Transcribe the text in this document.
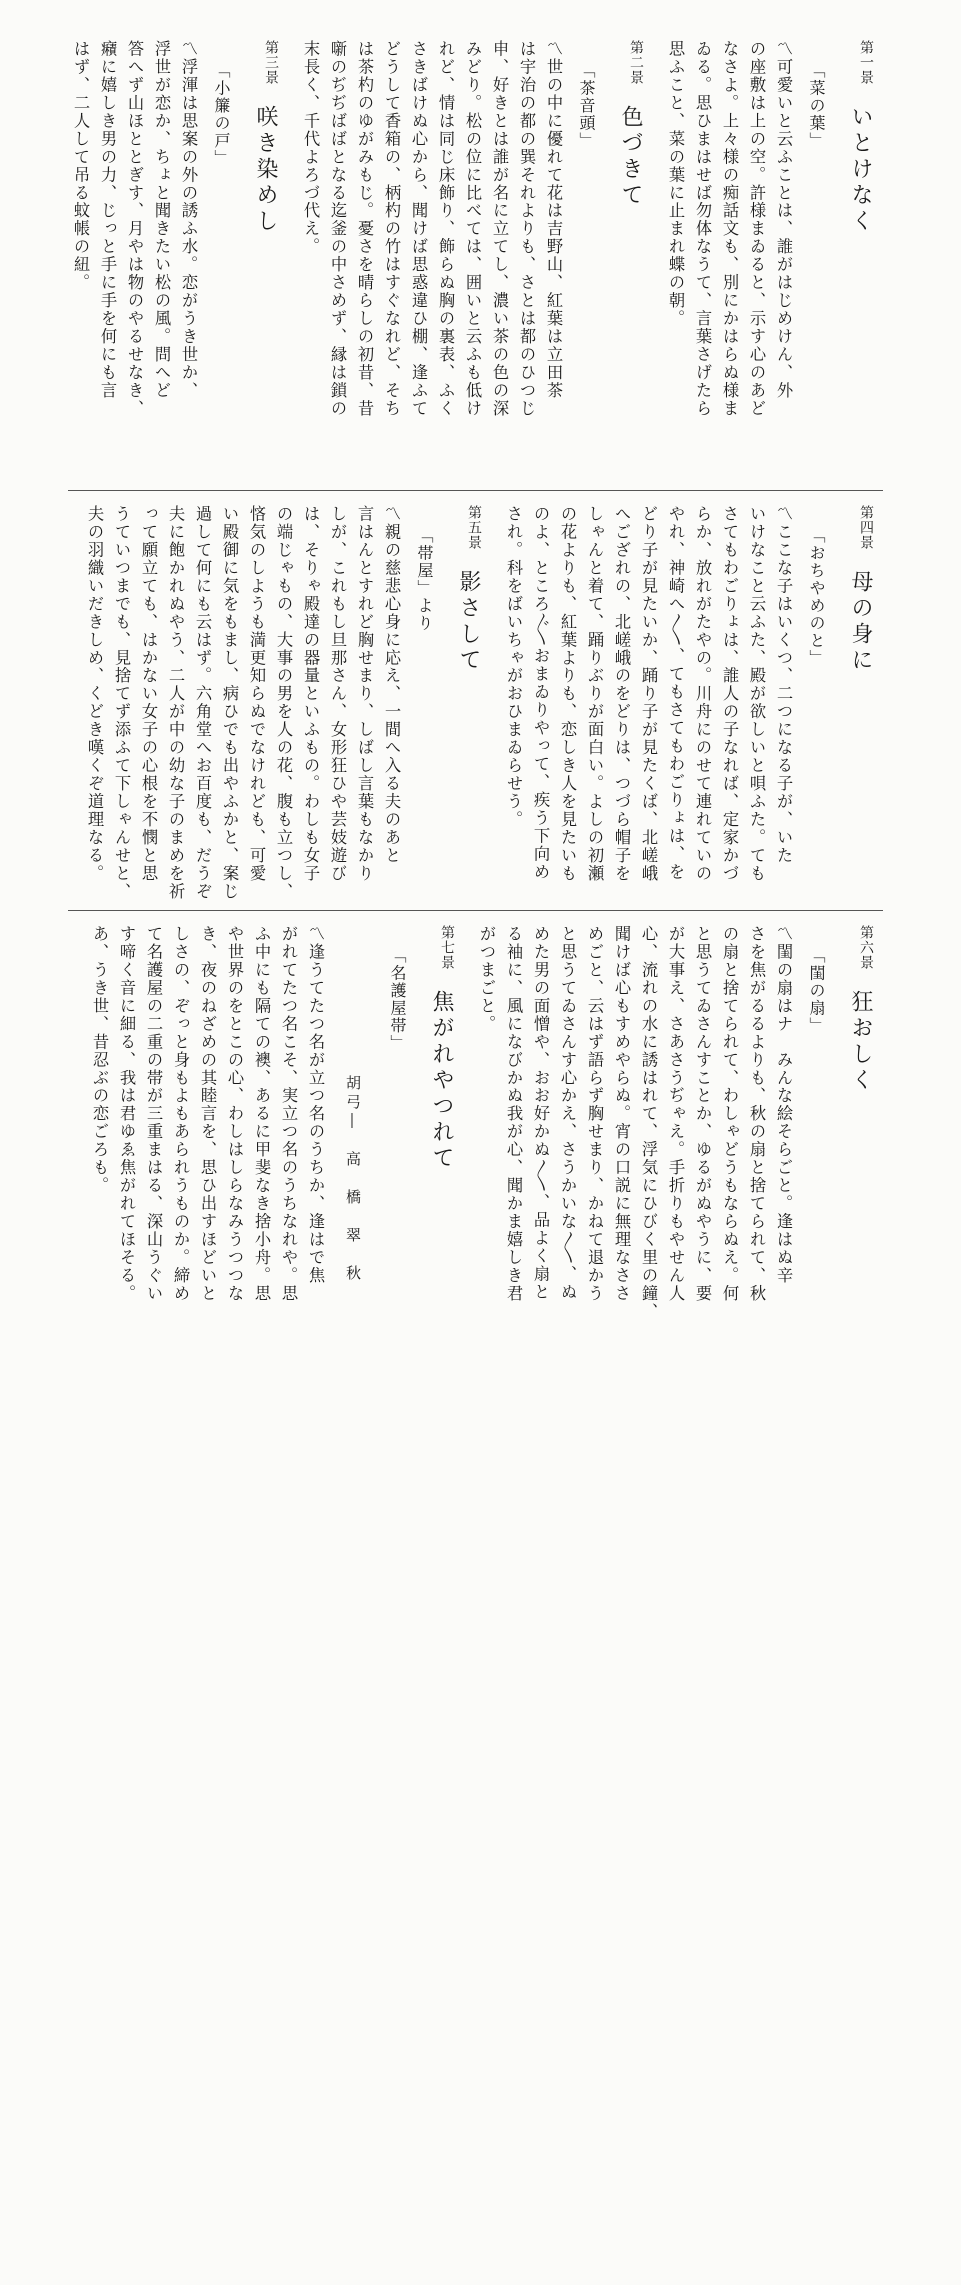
第一景
いとけなく
「菜の葉」
〽可愛いと云ふことは、誰がはじめけん、外
の座敷は上の空。許様まゐると、示す心のあど
なさよ。上々様の痴話文も、別にかはらぬ様ま
ゐる。思ひまはせば勿体なうて、言葉さげたら
思ふこと、菜の葉に止まれ蝶の朝。
第二景
色づきて
「茶音頭」
〽世の中に優れて花は吉野山、紅葉は立田茶
は宇治の都の巽それよりも、さとは都のひつじ
申、好きとは誰が名に立てし、濃い茶の色の深
みどり。松の位に比べては、囲いと云ふも低け
れど、情は同じ床飾り、飾らぬ胸の裏表、ふく
さきばけぬ心から、聞けば思惑違ひ棚、逢ふて
どうして香箱の、柄杓の竹はすぐなれど、そち
は茶杓のゆがみもじ。憂さを晴らしの初昔、昔
噺のぢぢばばとなる迄釜の中さめず、縁は鎖の
末長く、千代よろづ代え。
第三景
咲き染めし
「小簾の戸」
〽浮渾は思案の外の誘ふ水。恋がうき世か、
浮世が恋か、ちょと聞きたい松の風。問へど
答へず山ほととぎす、月やは物のやるせなき、
癪に嬉しき男の力、じっと手に手を何にも言
はず、二人して吊る蚊帳の紐。
第四景
母の身に
「おちやめのと」
〽ここな子はいくつ、二つになる子が、いた
いけなこと云ふた、殿が欲しいと唄ふた。ても
さてもわごりょは、誰人の子なれば、定家かづ
らか、放れがたやの。川舟にのせて連れていの
やれ、神崎へ〳〵、てもさてもわごりょは、を
どり子が見たいか、踊り子が見たくば、北嵯峨
へござれの、北嵯峨のをどりは、つづら帽子を
しゃんと着て、踊りぶりが面白い。よしの初瀬
の花よりも、紅葉よりも、恋しき人を見たいも
のよ、ところ〴〵おまゐりやって、疾う下向め
され。科をばいちゃがおひまゐらせう。
第五景
影さして
「帯屋」より
〽親の慈悲心身に応え、一間へ入る夫のあと
言はんとすれど胸せまり、しばし言葉もなかり
しが、これもし旦那さん、女形狂ひや芸妓遊び
は、そりゃ殿達の器量といふもの。わしも女子
の端じゃもの、大事の男を人の花、腹も立つし、
悋気のしようも満更知らぬでなけれども、可愛
い殿御に気をもまし、病ひでも出やふかと、案じ
過して何にも云はず。六角堂へお百度も、だうぞ
夫に飽かれぬやう、二人が中の幼な子のまめを祈
って願立ても、はかない女子の心根を不憫と思
うていつまでも、見捨てず添ふて下しゃんせと、
夫の羽織いだきしめ、くどき嘆くぞ道理なる。
第六景
狂おしく
「閨の扇」
〽閨の扇はナ　みんな絵そらごと。逢はぬ辛
さを焦がるるよりも、秋の扇と捨てられて、秋
の扇と捨てられて、わしゃどうもならぬえ。何
と思うてゐさんすことか、ゆるがぬやうに、要
が大事え、さあさうぢゃえ。手折りもやせん人
心、流れの水に誘はれて、浮気にひびく里の鐘、
聞けば心もすめやらぬ。宵の口説に無理なささ
めごと、云はず語らず胸せまり、かねて退かう
と思うてゐさんす心かえ、さうかいな〳〵、ぬ
めた男の面憎や、おお好かぬ〳〵、品よく扇と
る袖に、風になびかぬ我が心、聞かま嬉しき君
がつまごと。
第七景
焦がれやつれて
「名護屋帯」
胡弓―　高　橋　翠　秋
〽逢うてたつ名が立つ名のうちか、逢はで焦
がれてたつ名こそ、実立つ名のうちなれや。思
ふ中にも隔ての襖、あるに甲斐なき捨小舟。思
や世界のをとこの心、わしはしらなみうつつな
き、夜のねざめの其睦言を、思ひ出すほどいと
しさの、ぞっと身もよもあられうものか。締め
て名護屋の二重の帯が三重まはる、深山うぐい
す啼く音に細る、我は君ゆゑ焦がれてほそる。
あ、うき世、昔忍ぶの恋ごろも。
